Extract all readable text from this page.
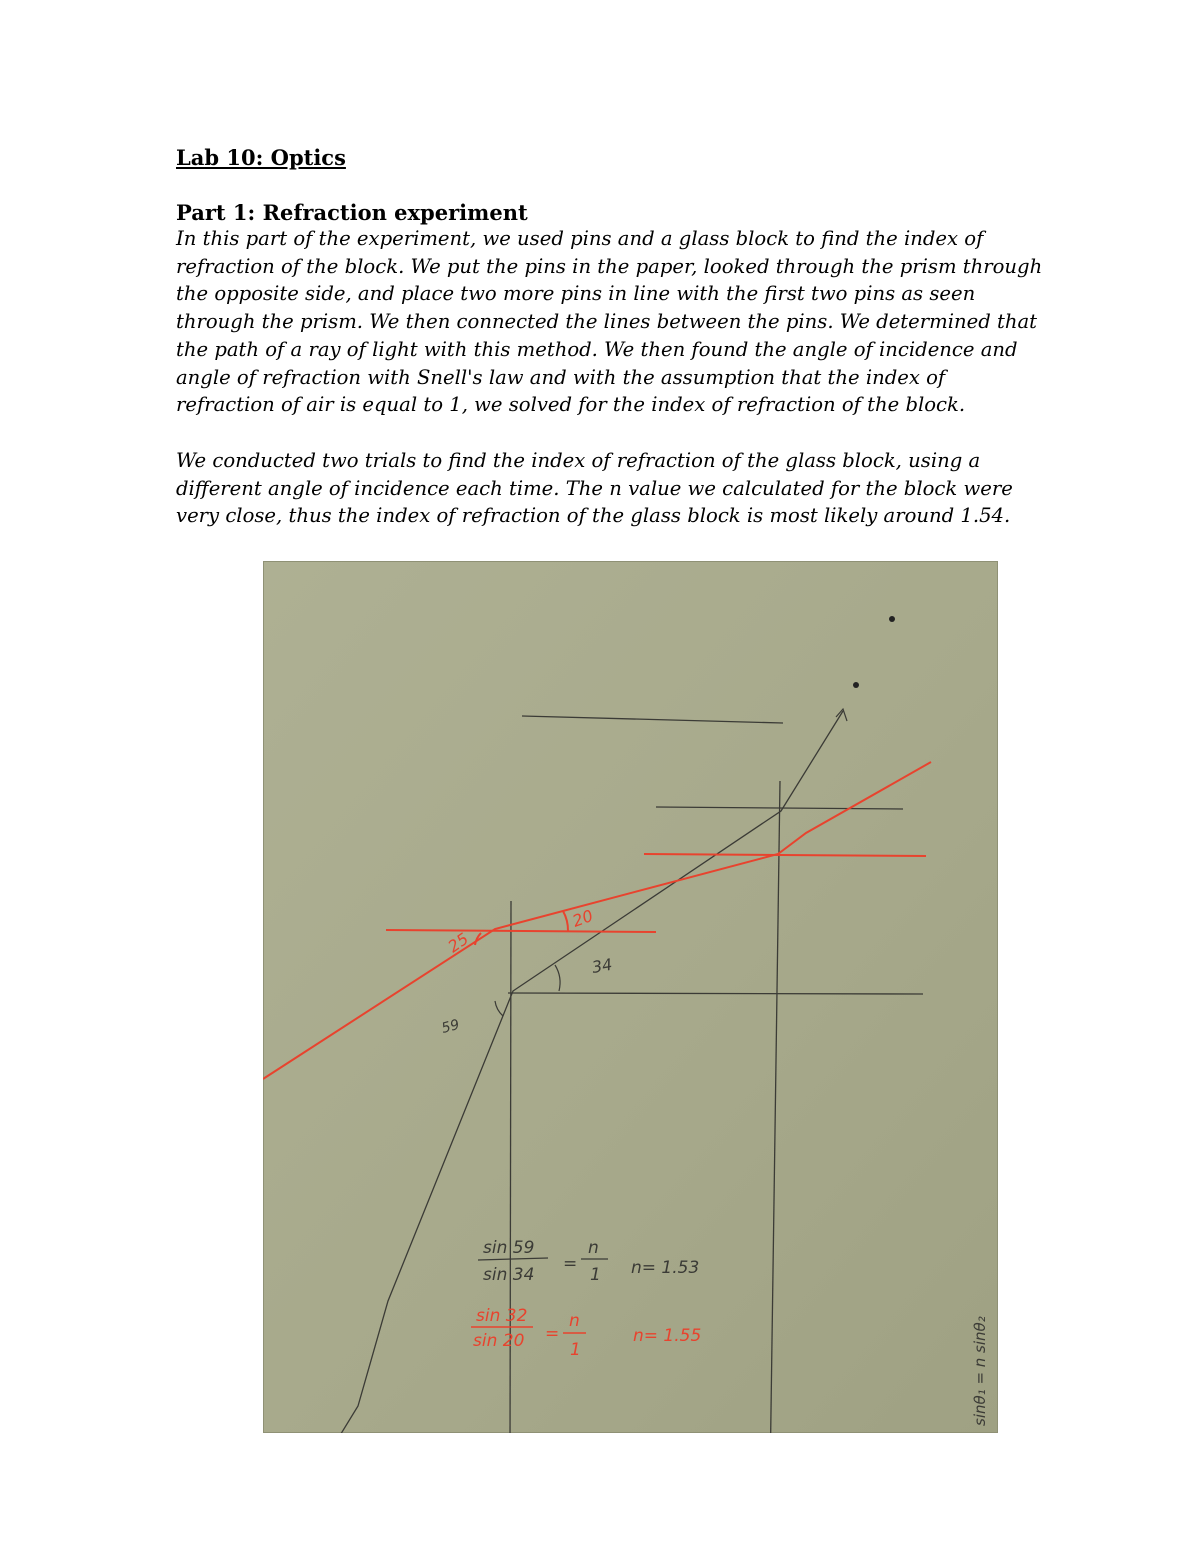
Lab 10: Optics
Part 1: Refraction experiment
In this part of the experiment, we used pins and a glass block to find the index of
refraction of the block. We put the pins in the paper, looked through the prism through
the opposite side, and place two more pins in line with the first two pins as seen
through the prism. We then connected the lines between the pins. We determined that
the path of a ray of light with this method. We then found the angle of incidence and
angle of refraction with Snell's law and with the assumption that the index of
refraction of air is equal to 1, we solved for the index of refraction of the block.
We conducted two trials to find the index of refraction of the glass block, using a
different angle of incidence each time. The n value we calculated for the block were
very close, thus the index of refraction of the glass block is most likely around 1.54.
25
20
34
59
sin 59
sin 34
=
n
1 n= 1.53
sin 32
sin 20 =
n
1
n= 1.55	sinθ₁ = n sinθ₂
